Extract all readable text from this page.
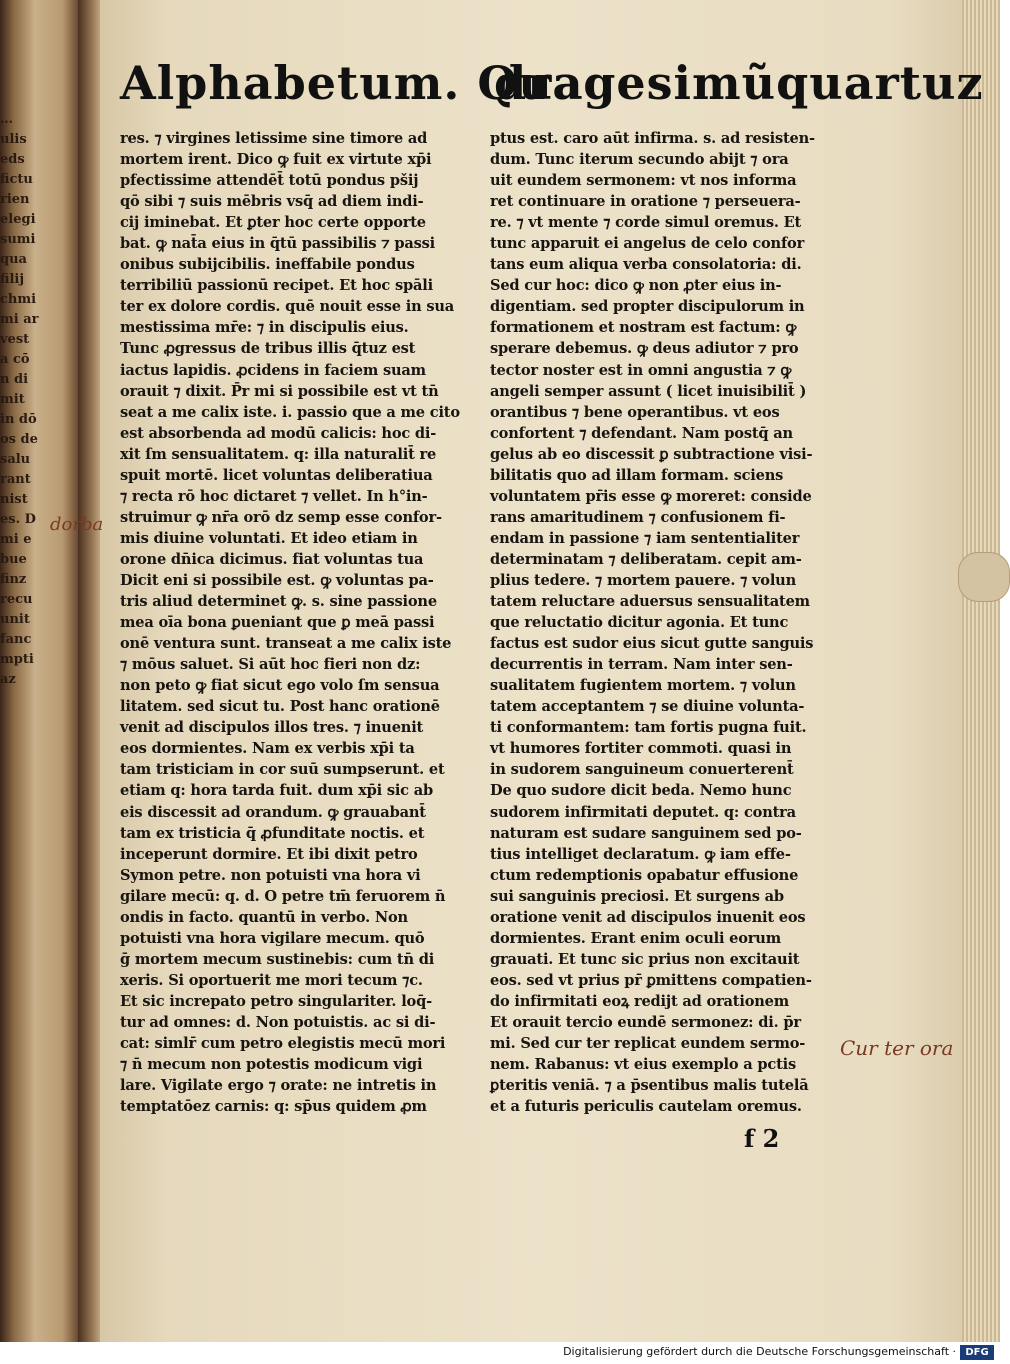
…
ulis
eds
fictu
rien
elegi
sumi
qua
filij
chmi
mi ar
vest
a cō
n di
mit
in dō
os de
salu
rant
nist
es. D
mi e
bue
finz
recu
unit
fanc
mpti
az
Alphabetum. Qua
dragesimũquartuz
res. ⁊ virgines letissime sine timore ad
mortem irent. Dico ꝙ fuit ex virtute xp̄i
pfectissime attendēt̄ totū pondus pšij
qō sibi ⁊ suis mēbris vsq̄ ad diem indi-
cij iminebat. Et ꝑter hoc certe opporte
bat. ꝙ nat̄a eius in q̄tū passibilis ⁊ passi
onibus subijcibilis. ineffabile pondus
terribiliū passionū recipet. Et hoc spāli
ter ex dolore cordis. quē nouit esse in sua
mestissima mr̄e: ⁊ in discipulis eius.
Tunc ꝓgressus de tribus illis q̄tuz est
iactus lapidis. ꝓcidens in faciem suam
orauit ⁊ dixit. P̄r mi si possibile est vt tn̄
seat a me calix iste. i. passio que a me cito
est absorbenda ad modū calicis: hoc di-
xit ſm sensualitatem. q: illa naturalit̄ re
spuit mortē. licet voluntas deliberatiua
⁊ recta rō hoc dictaret ⁊ vellet. In h°in-
struimur ꝙ nr̄a orō dz semp esse confor-
mis diuine voluntati. Et ideo etiam in
orone dn̄ica dicimus. fiat voluntas tua
Dicit eni si possibile est. ꝙ voluntas pa-
tris aliud determinet ꝙ. s. sine passione
mea oīa bona ꝑueniant que ꝑ meā passi
onē ventura sunt. transeat a me calix iste
⁊ mōus saluet. Si aūt hoc fieri non dz:
non peto ꝙ fiat sicut ego volo ſm sensua
litatem. sed sicut tu. Post hanc orationē
venit ad discipulos illos tres. ⁊ inuenit
eos dormientes. Nam ex verbis xp̄i ta
tam tristiciam in cor suū sumpserunt. et
etiam q: hora tarda fuit. dum xp̄i sic ab
eis discessit ad orandum. ꝙ grauabant̄
tam ex tristicia q̄ ꝓfunditate noctis. et
inceperunt dormire. Et ibi dixit petro
Symon petre. non potuisti vna hora vi
gilare mecū: q. d. O petre tm̄ feruorem n̄
ondis in facto. quantū in verbo. Non
potuisti vna hora vigilare mecum. quō
ḡ mortem mecum sustinebis: cum tn̄ di
xeris. Si oportuerit me mori tecum ⁊c.
Et sic increpato petro singulariter. loq̄-
tur ad omnes: d. Non potuistis. ac si di-
cat: simlr̄ cum petro elegistis mecū mori
⁊ n̄ mecum non potestis modicum vigi
lare. Vigilate ergo ⁊ orate: ne intretis in
temptatōez carnis: q: sp̄us quidem ꝓm
ptus est. caro aūt infirma. s. ad resisten-
dum. Tunc iterum secundo abijt ⁊ ora
uit eundem sermonem: vt nos informa
ret continuare in oratione ⁊ perseuera-
re. ⁊ vt mente ⁊ corde simul oremus. Et
tunc apparuit ei angelus de celo confor
tans eum aliqua verba consolatoria: di.
Sed cur hoc: dico ꝙ non ꝓter eius in-
digentiam. sed propter discipulorum in
formationem et nostram est factum: ꝙ
sperare debemus. ꝙ deus adiutor ⁊ pro
tector noster est in omni angustia ⁊ ꝙ
angeli semper assunt ( licet inuisibilit̄ )
orantibus ⁊ bene operantibus. vt eos
confortent ⁊ defendant. Nam postq̄ an
gelus ab eo discessit ꝑ subtractione visi-
bilitatis quo ad illam formam. sciens
voluntatem pr̄is esse ꝙ moreret: conside
rans amaritudinem ⁊ confusionem fi-
endam in passione ⁊ iam sententialiter
determinatam ⁊ deliberatam. cepit am-
plius tedere. ⁊ mortem pauere. ⁊ volun
tatem reluctare aduersus sensualitatem
que reluctatio dicitur agonia. Et tunc
factus est sudor eius sicut gutte sanguis
decurrentis in terram. Nam inter sen-
sualitatem fugientem mortem. ⁊ volun
tatem acceptantem ⁊ se diuine volunta-
ti conformantem: tam fortis pugna fuit.
vt humores fortiter commoti. quasi in
in sudorem sanguineum conuerterent̄
De quo sudore dicit beda. Nemo hunc
sudorem infirmitati deputet. q: contra
naturam est sudare sanguinem sed po-
tius intelliget declaratum. ꝙ iam effe-
ctum redemptionis opabatur effusione
sui sanguinis preciosi. Et surgens ab
oratione venit ad discipulos inuenit eos
dormientes. Erant enim oculi eorum
grauati. Et tunc sic prius non excitauit
eos. sed vt prius pr̄ ꝑmittens compatien-
do infirmitati eoꝝ redijt ad orationem
Et orauit tercio eundē sermonez: di. p̄r
mi. Sed cur ter replicat eundem sermo-
nem. Rabanus: vt eius exemplo a pctis
ꝑteritis veniā. ⁊ a p̄sentibus malis tutelā
et a futuris periculis cautelam oremus.
dorba
Cur ter ora
f 2
Digitalisierung gefördert durch die Deutsche Forschungsgemeinschaft · DFG
